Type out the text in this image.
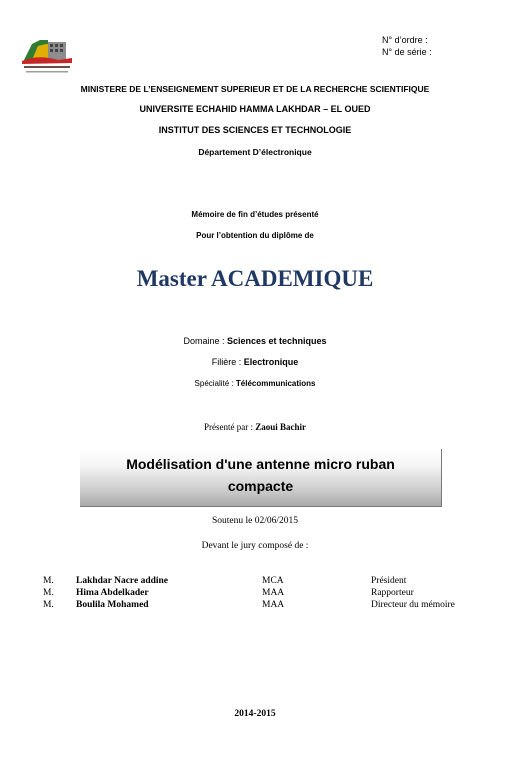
N° d’ordre :
N° de série :
MINISTERE DE L’ENSEIGNEMENT SUPERIEUR ET DE LA RECHERCHE SCIENTIFIQUE
UNIVERSITE ECHAHID HAMMA LAKHDAR – EL OUED
INSTITUT DES SCIENCES ET TECHNOLOGIE
Département D’électronique
Mémoire de fin d’études présenté
Pour l’obtention du diplôme de
Master ACADEMIQUE
Domaine : Sciences et techniques
Filière : Electronique
Spécialité : Télécommunications
Présenté par : Zaoui Bachir
Modélisation d'une antenne micro ruban
compacte
Soutenu le 02/06/2015
Devant le jury composé de :
M. Lakhdar Nacre addine	MCA	Président
M. Hima Abdelkader	MAA	Rapporteur
M. Boulila Mohamed	MAA	Directeur du mémoire
2014-2015
